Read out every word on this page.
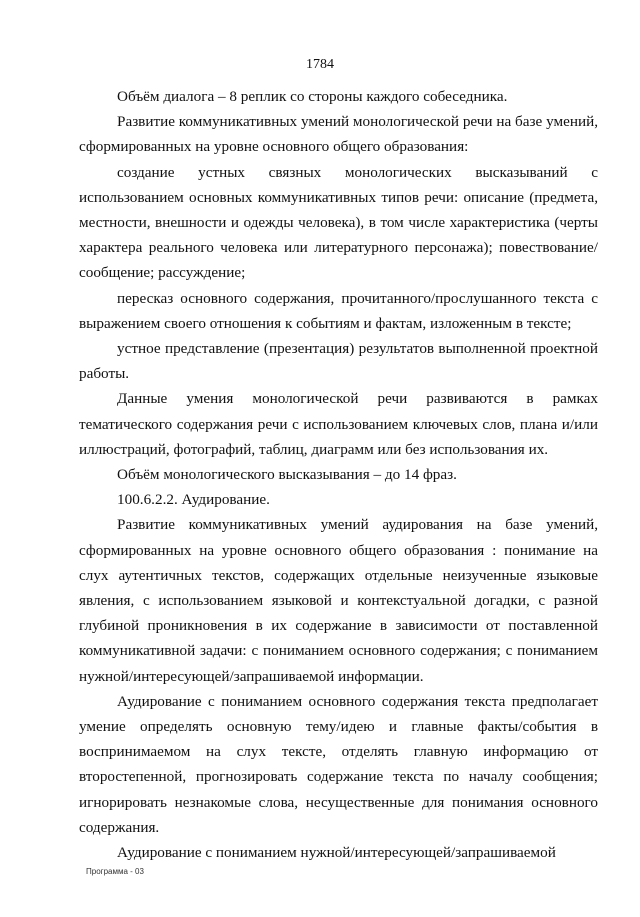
1784

Объём диалога – 8 реплик со стороны каждого собеседника.

Развитие коммуникативных умений монологической речи на базе умений, сформированных на уровне основного общего образования:

создание устных связных монологических высказываний с использованием основных коммуникативных типов речи: описание (предмета, местности, внешности и одежды человека), в том числе характеристика (черты характера реального человека или литературного персонажа); повествование/сообщение; рассуждение;

пересказ основного содержания, прочитанного/прослушанного текста с выражением своего отношения к событиям и фактам, изложенным в тексте;

устное представление (презентация) результатов выполненной проектной работы.

Данные умения монологической речи развиваются в рамках тематического содержания речи с использованием ключевых слов, плана и/или иллюстраций, фотографий, таблиц, диаграмм или без использования их.

Объём монологического высказывания – до 14 фраз.

100.6.2.2. Аудирование.

Развитие коммуникативных умений аудирования на базе умений, сформированных на уровне основного общего образования : понимание на слух аутентичных текстов, содержащих отдельные неизученные языковые явления, с использованием языковой и контекстуальной догадки, с разной глубиной проникновения в их содержание в зависимости от поставленной коммуникативной задачи: с пониманием основного содержания; с пониманием нужной/интересующей/запрашиваемой информации.

Аудирование с пониманием основного содержания текста предполагает умение определять основную тему/идею и главные факты/события в воспринимаемом на слух тексте, отделять главную информацию от второстепенной, прогнозировать содержание текста по началу сообщения; игнорировать незнакомые слова, несущественные для понимания основного содержания.

Аудирование с пониманием нужной/интересующей/запрашиваемой

Программа - 03
